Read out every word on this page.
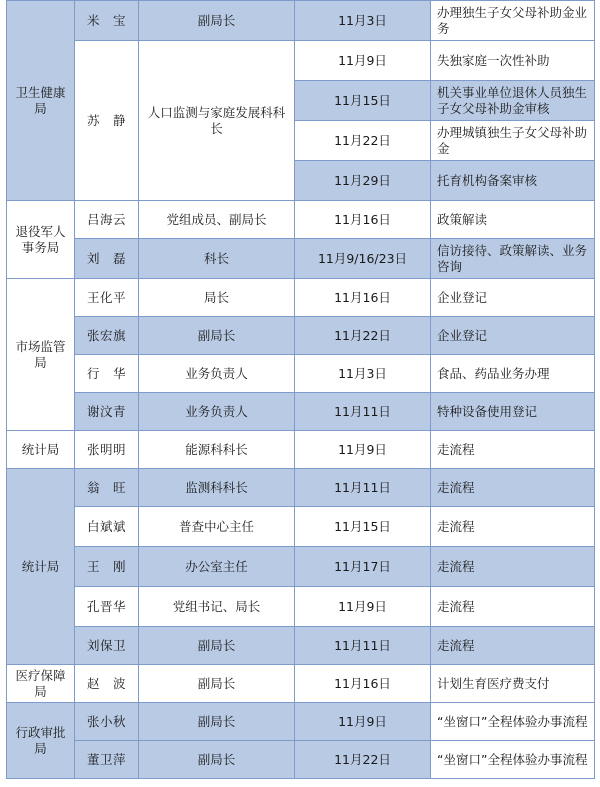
卫生健康局	米　宝	副局长	11月3日	办理独生子女父母补助金业务
	苏　静	人口监测与家庭发展科科长	11月9日	失独家庭一次性补助
			11月15日	机关事业单位退休人员独生子女父母补助金审核
			11月22日	办理城镇独生子女父母补助金
			11月29日	托育机构备案审核
退役军人事务局	吕海云	党组成员、副局长	11月16日	政策解读
	刘　磊	科长	11月9/16/23日	信访接待、政策解读、业务咨询
市场监管局	王化平	局长	11月16日	企业登记
	张宏旗	副局长	11月22日	企业登记
	行　华	业务负责人	11月3日	食品、药品业务办理
	谢汶青	业务负责人	11月11日	特种设备使用登记
统计局	张明明	能源科科长	11月9日	走流程
统计局	翁　旺	监测科科长	11月11日	走流程
	白斌斌	普查中心主任	11月15日	走流程
	王　刚	办公室主任	11月17日	走流程
	孔晋华	党组书记、局长	11月9日	走流程
	刘保卫	副局长	11月11日	走流程
医疗保障局	赵　波	副局长	11月16日	计划生育医疗费支付
行政审批局	张小秋	副局长	11月9日	“坐窗口”全程体验办事流程
	董卫萍	副局长	11月22日	“坐窗口”全程体验办事流程
